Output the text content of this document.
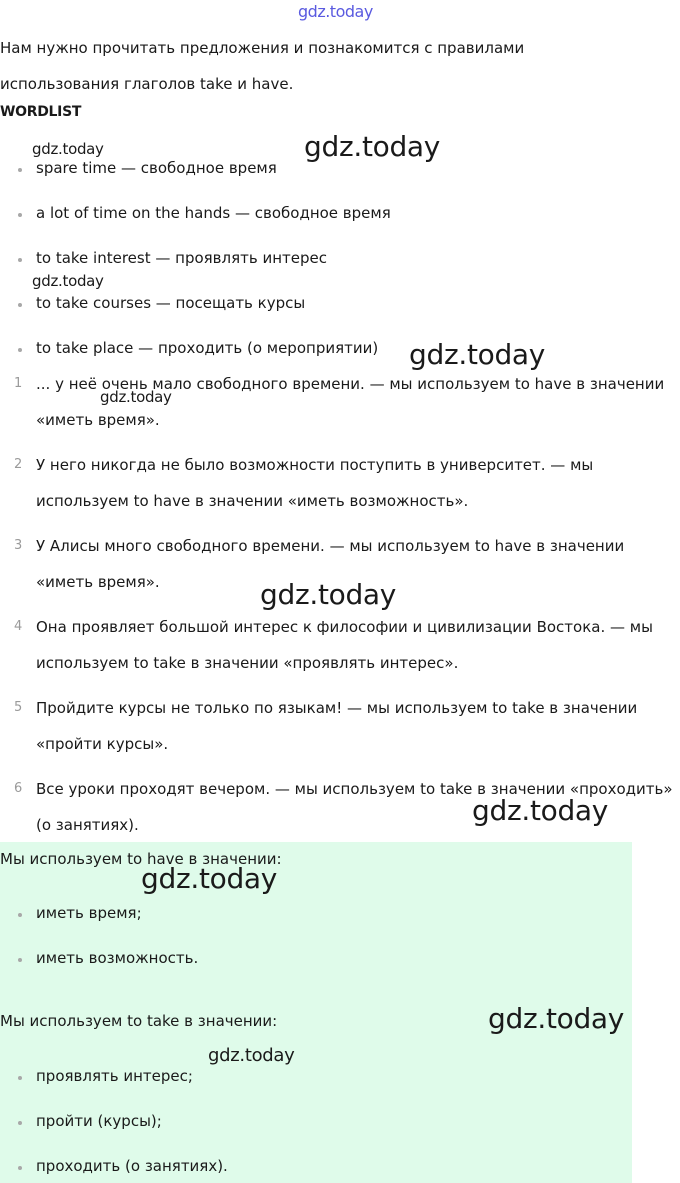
gdz.today
Нам нужно прочитать предложения и познакомится с правилами использования глаголов take и have.
WORDLIST
spare time — свободное время
a lot of time on the hands — свободное время
to take interest — проявлять интерес
to take courses — посещать курсы
to take place — проходить (о мероприятии)
1 ... у неё очень мало свободного времени. — мы используем to have в значении «иметь время».
2 У него никогда не было возможности поступить в университет. — мы используем to have в значении «иметь возможность».
3 У Алисы много свободного времени. — мы используем to have в значении «иметь время».
4 Она проявляет большой интерес к философии и цивилизации Востока. — мы используем to take в значении «проявлять интерес».
5 Пройдите курсы не только по языкам! — мы используем to take в значении «пройти курсы».
6 Все уроки проходят вечером. — мы используем to take в значении «проходить» (о занятиях).
Мы используем to have в значении:
иметь время;
иметь возможность.
Мы используем to take в значении:
проявлять интерес;
пройти (курсы);
проходить (о занятиях).
gdz.today	gdz.today
gdz.today
gdz.today
gdz.today
gdz.today
gdz.today
gdz.today
gdz.today
gdz.today
